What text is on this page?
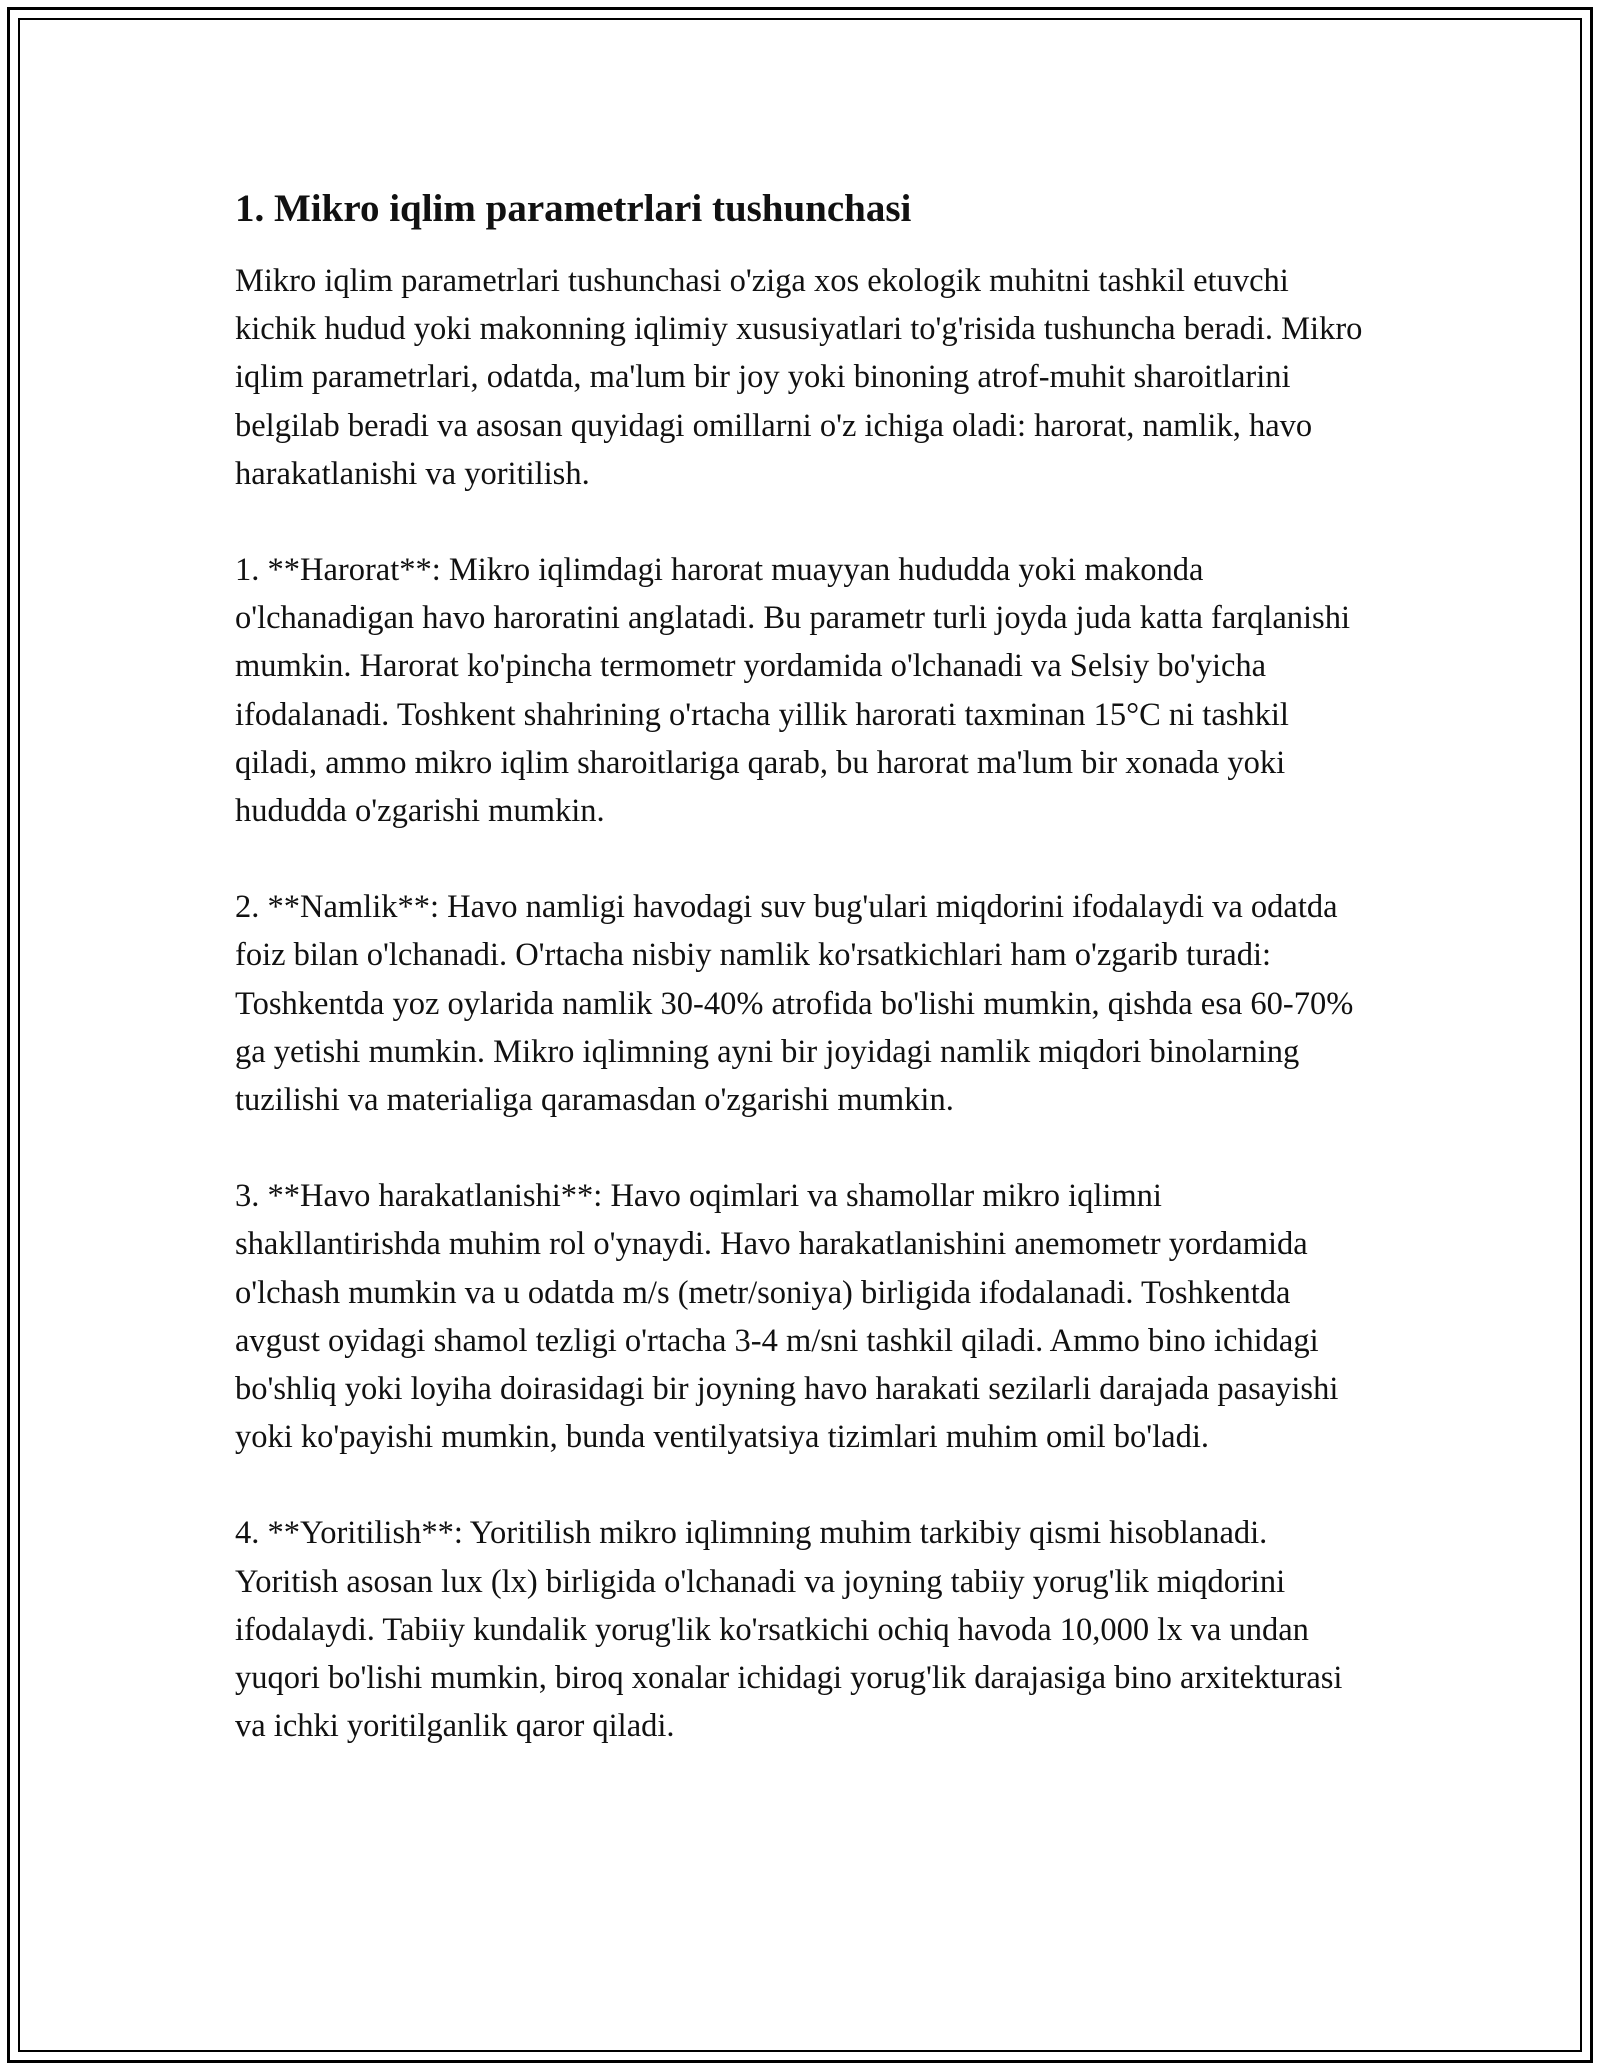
1. Mikro iqlim parametrlari tushunchasi

Mikro iqlim parametrlari tushunchasi o'ziga xos ekologik muhitni tashkil etuvchi kichik hudud yoki makonning iqlimiy xususiyatlari to'g'risida tushuncha beradi. Mikro iqlim parametrlari, odatda, ma'lum bir joy yoki binoning atrof-muhit sharoitlarini belgilab beradi va asosan quyidagi omillarni o'z ichiga oladi: harorat, namlik, havo harakatlanishi va yoritilish.

1. **Harorat**: Mikro iqlimdagi harorat muayyan hududda yoki makonda o'lchanadigan havo haroratini anglatadi. Bu parametr turli joyda juda katta farqlanishi mumkin. Harorat ko'pincha termometr yordamida o'lchanadi va Selsiy bo'yicha ifodalanadi. Toshkent shahrining o'rtacha yillik harorati taxminan 15°C ni tashkil qiladi, ammo mikro iqlim sharoitlariga qarab, bu harorat ma'lum bir xonada yoki hududda o'zgarishi mumkin.

2. **Namlik**: Havo namligi havodagi suv bug'ulari miqdorini ifodalaydi va odatda foiz bilan o'lchanadi. O'rtacha nisbiy namlik ko'rsatkichlari ham o'zgarib turadi: Toshkentda yoz oylarida namlik 30-40% atrofida bo'lishi mumkin, qishda esa 60-70% ga yetishi mumkin. Mikro iqlimning ayni bir joyidagi namlik miqdori binolarning tuzilishi va materialiga qaramasdan o'zgarishi mumkin.

3. **Havo harakatlanishi**: Havo oqimlari va shamollar mikro iqlimni shakllantirishda muhim rol o'ynaydi. Havo harakatlanishini anemometr yordamida o'lchash mumkin va u odatda m/s (metr/soniya) birligida ifodalanadi. Toshkentda avgust oyidagi shamol tezligi o'rtacha 3-4 m/sni tashkil qiladi. Ammo bino ichidagi bo'shliq yoki loyiha doirasidagi bir joyning havo harakati sezilarli darajada pasayishi yoki ko'payishi mumkin, bunda ventilyatsiya tizimlari muhim omil bo'ladi.

4. **Yoritilish**: Yoritilish mikro iqlimning muhim tarkibiy qismi hisoblanadi. Yoritish asosan lux (lx) birligida o'lchanadi va joyning tabiiy yorug'lik miqdorini ifodalaydi. Tabiiy kundalik yorug'lik ko'rsatkichi ochiq havoda 10,000 lx va undan yuqori bo'lishi mumkin, biroq xonalar ichidagi yorug'lik darajasiga bino arxitekturasi va ichki yoritilganlik qaror qiladi.
